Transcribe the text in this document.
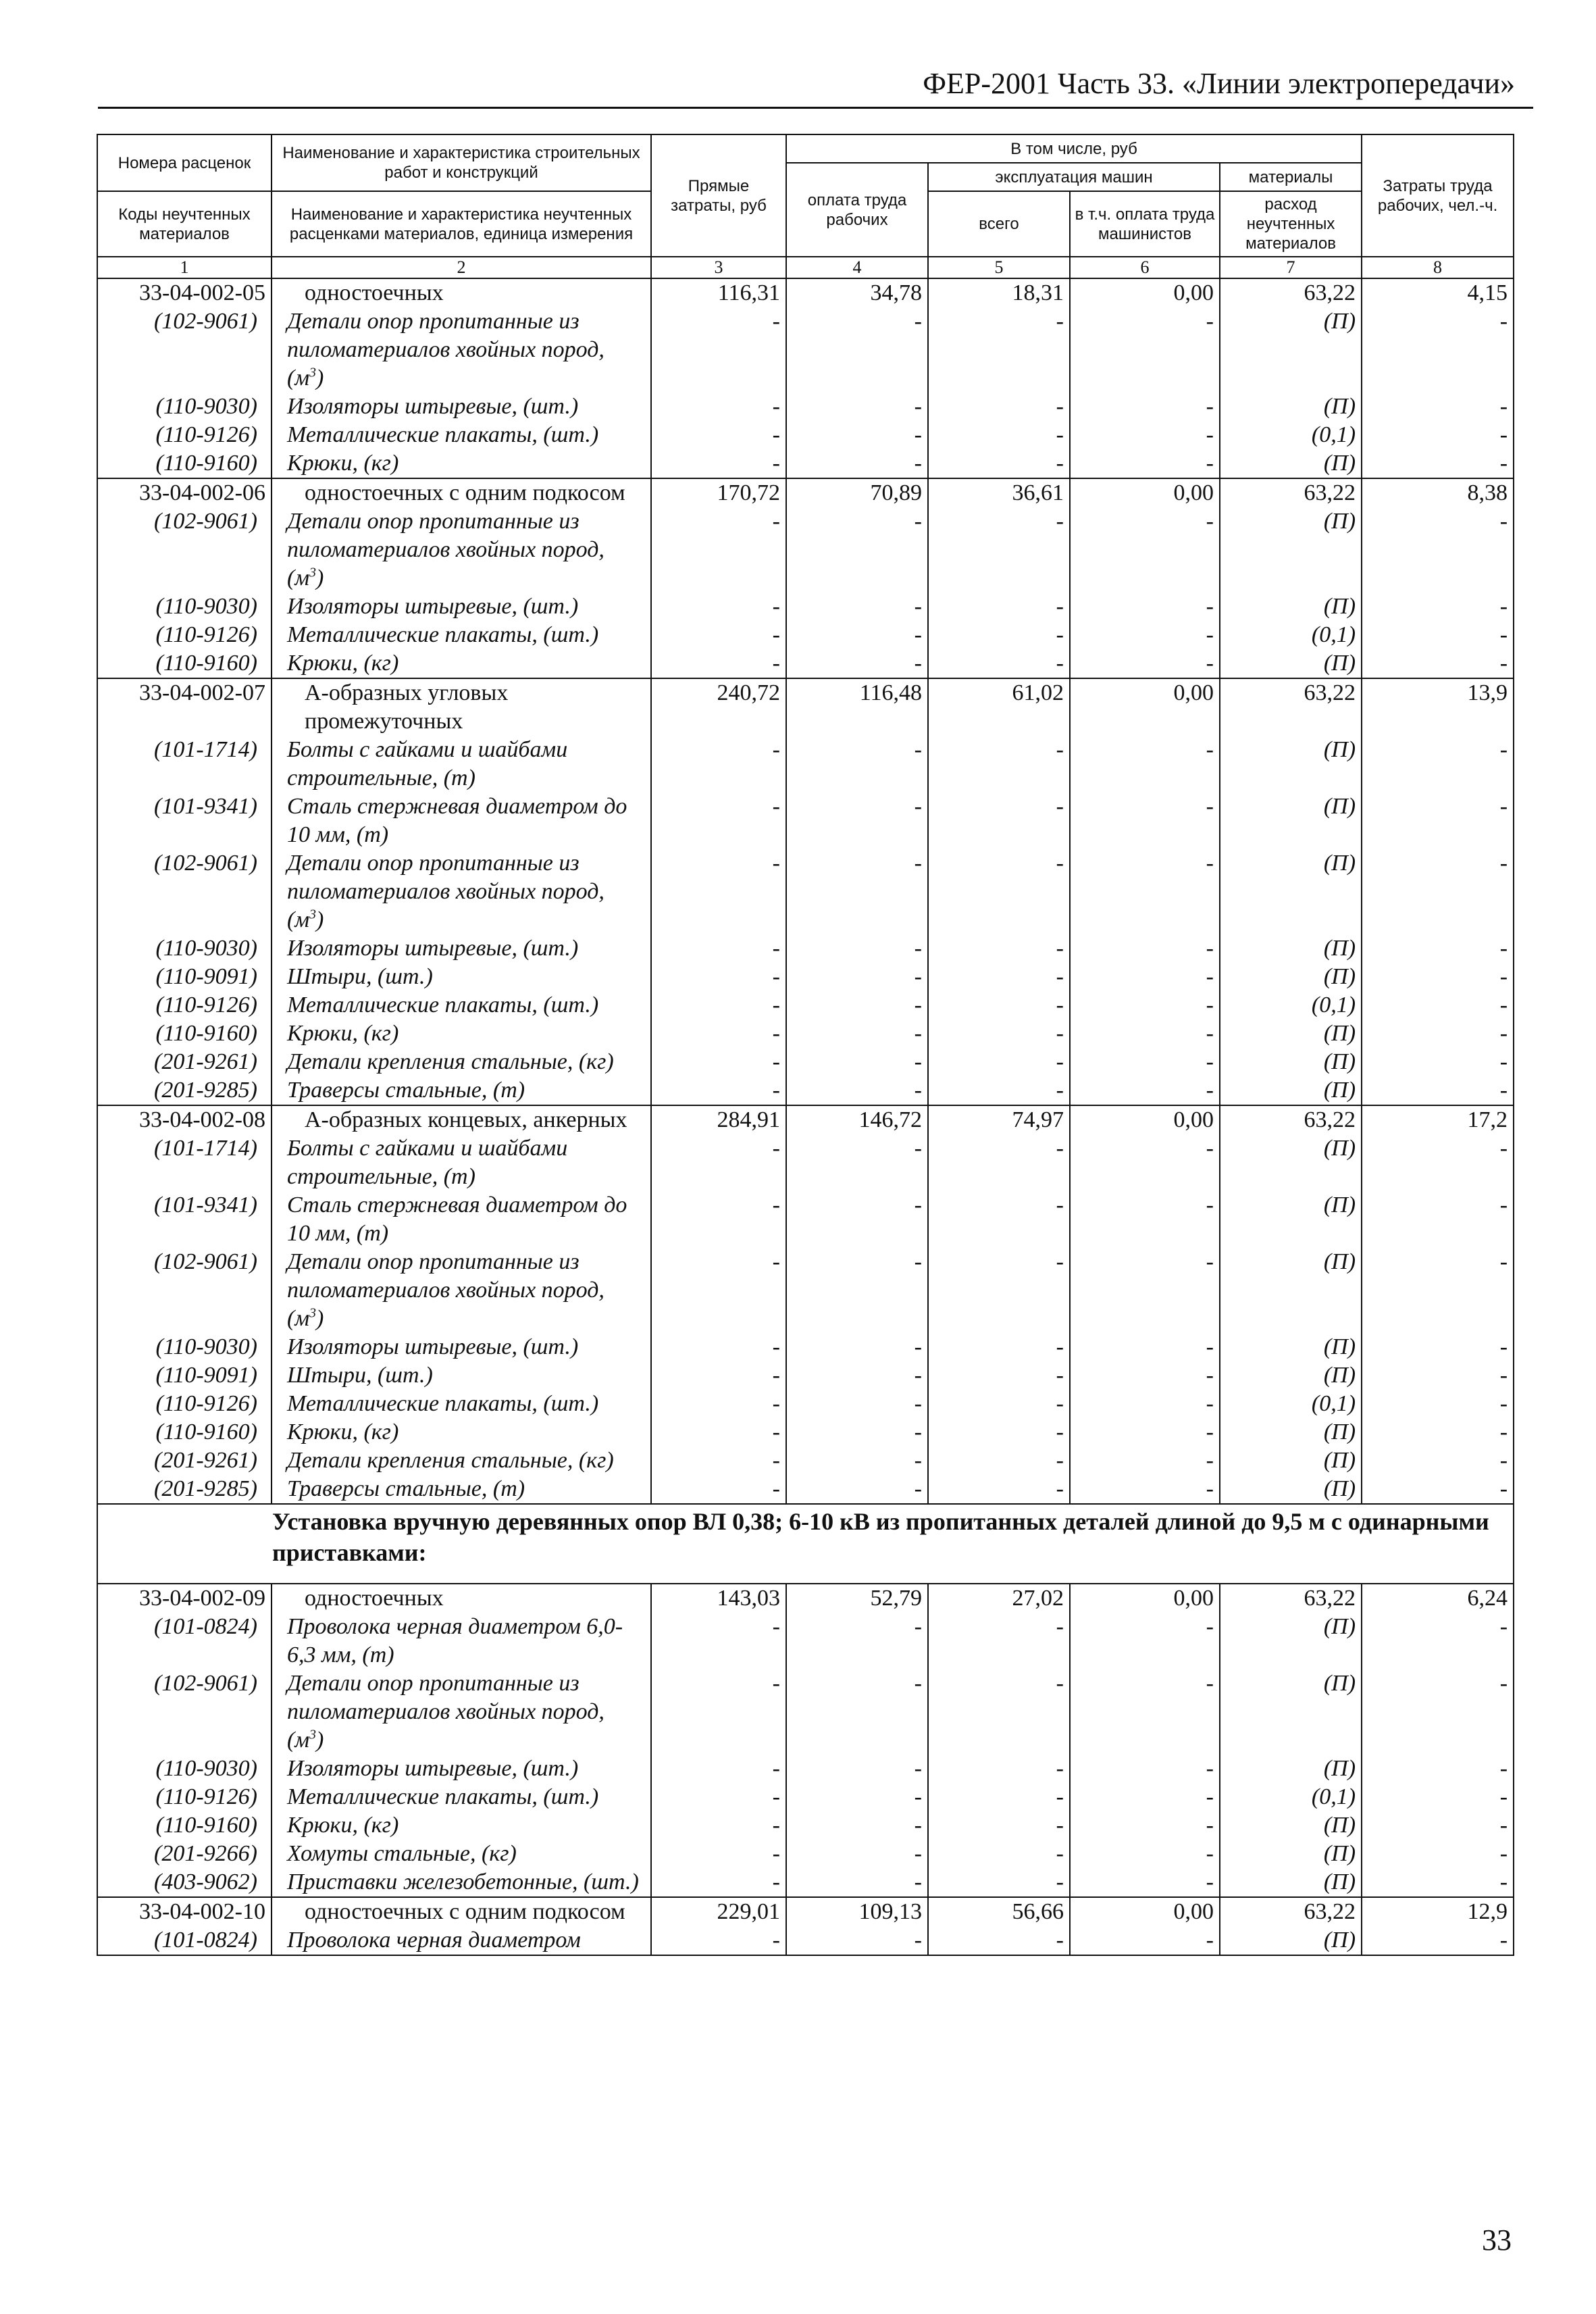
ФЕР-2001 Часть 33. «Линии электропередачи»
Номера расценок	Наименование и характеристика строительных работ и конструкций	Прямые затраты, руб	В том числе, руб				Затраты труда рабочих, чел.-ч.
			оплата труда рабочих	эксплуатация машин		материалы	
Коды неучтенных материалов	Наименование и характеристика неучтенных расценками материалов, единица измерения			всего	в т.ч. оплата труда машинистов	расход неучтенных материалов	

1	2	3	4	5	6	7	8
33-04-002-05	одностоечных	116,31	34,78	18,31	0,00	63,22	4,15
(102-9061)	Детали опор пропитанные из пиломатериалов хвойных пород,
$(м^3)$	-	-	-	-	(П)	-
(110-9030)	Изоляторы штыревые, (шт.)	-	-	-	-	(П)	-
(110-9126)	Металлические плакаты, (шт.)	-	-	-	-	(0,1)	-
(110-9160)	Крюки, (кг)	-	-	-	-	(П)	-
33-04-002-06	одностоечных с одним подкосом	170,72	70,89	36,61	0,00	63,22	8,38
(102-9061)	Детали опор пропитанные из пиломатериалов хвойных пород,
$(м^3)$	-	-	-	-	(П)	-
(110-9030)	Изоляторы штыревые, (шт.)	-	-	-	-	(П)	-
(110-9126)	Металлические плакаты, (шт.)	-	-	-	-	(0,1)	-
(110-9160)	Крюки, (кг)	-	-	-	-	(П)	-
33-04-002-07	А-образных угловых промежуточных	240,72	116,48	61,02	0,00	63,22	13,9
(101-1714)	Болты с гайками и шайбами строительные, (т)	-	-	-	-	(П)	-
(101-9341)	Сталь стержневая диаметром до 10 мм, (т)	-	-	-	-	(П)	-
(102-9061)	Детали опор пропитанные из пиломатериалов хвойных пород,
$(м^3)$	-	-	-	-	(П)	-
(110-9030)	Изоляторы штыревые, (шт.)	-	-	-	-	(П)	-
(110-9091)	Штыри, (шт.)	-	-	-	-	(П)	-
(110-9126)	Металлические плакаты, (шт.)	-	-	-	-	(0,1)	-
(110-9160)	Крюки, (кг)	-	-	-	-	(П)	-
(201-9261)	Детали крепления стальные, (кг)	-	-	-	-	(П)	-
(201-9285)	Траверсы стальные, (т)	-	-	-	-	(П)	-
33-04-002-08	А-образных концевых, анкерных	284,91	146,72	74,97	0,00	63,22	17,2
(101-1714)	Болты с гайками и шайбами строительные, (т)	-	-	-	-	(П)	-
(101-9341)	Сталь стержневая диаметром до 10 мм, (т)	-	-	-	-	(П)	-
(102-9061)	Детали опор пропитанные из пиломатериалов хвойных пород,
$(м^3)$	-	-	-	-	(П)	-
(110-9030)	Изоляторы штыревые, (шт.)	-	-	-	-	(П)	-
(110-9091)	Штыри, (шт.)	-	-	-	-	(П)	-
(110-9126)	Металлические плакаты, (шт.)	-	-	-	-	(0,1)	-
(110-9160)	Крюки, (кг)	-	-	-	-	(П)	-
(201-9261)	Детали крепления стальные, (кг)	-	-	-	-	(П)	-
(201-9285)	Траверсы стальные, (т)	-	-	-	-	(П)	-

Установка вручную деревянных опор ВЛ 0,38; 6-10 кВ из пропитанных деталей длиной до 9,5 м с одинарными приставками:							

33-04-002-09	одностоечных	143,03	52,79	27,02	0,00	63,22	6,24
(101-0824)	Проволока черная диаметром 6,0-6,3 мм, (т)	-	-	-	-	(П)	-
(102-9061)	Детали опор пропитанные из пиломатериалов хвойных пород,
$(м^3)$	-	-	-	-	(П)	-
(110-9030)	Изоляторы штыревые, (шт.)	-	-	-	-	(П)	-
(110-9126)	Металлические плакаты, (шт.)	-	-	-	-	(0,1)	-
(110-9160)	Крюки, (кг)	-	-	-	-	(П)	-
(201-9266)	Хомуты стальные, (кг)	-	-	-	-	(П)	-
(403-9062)	Приставки железобетонные, (шт.)	-	-	-	-	(П)	-
33-04-002-10	одностоечных с одним подкосом	229,01	109,13	56,66	0,00	63,22	12,9
(101-0824)	Проволока черная диаметром	-	-	-	-	(П)	-
33
